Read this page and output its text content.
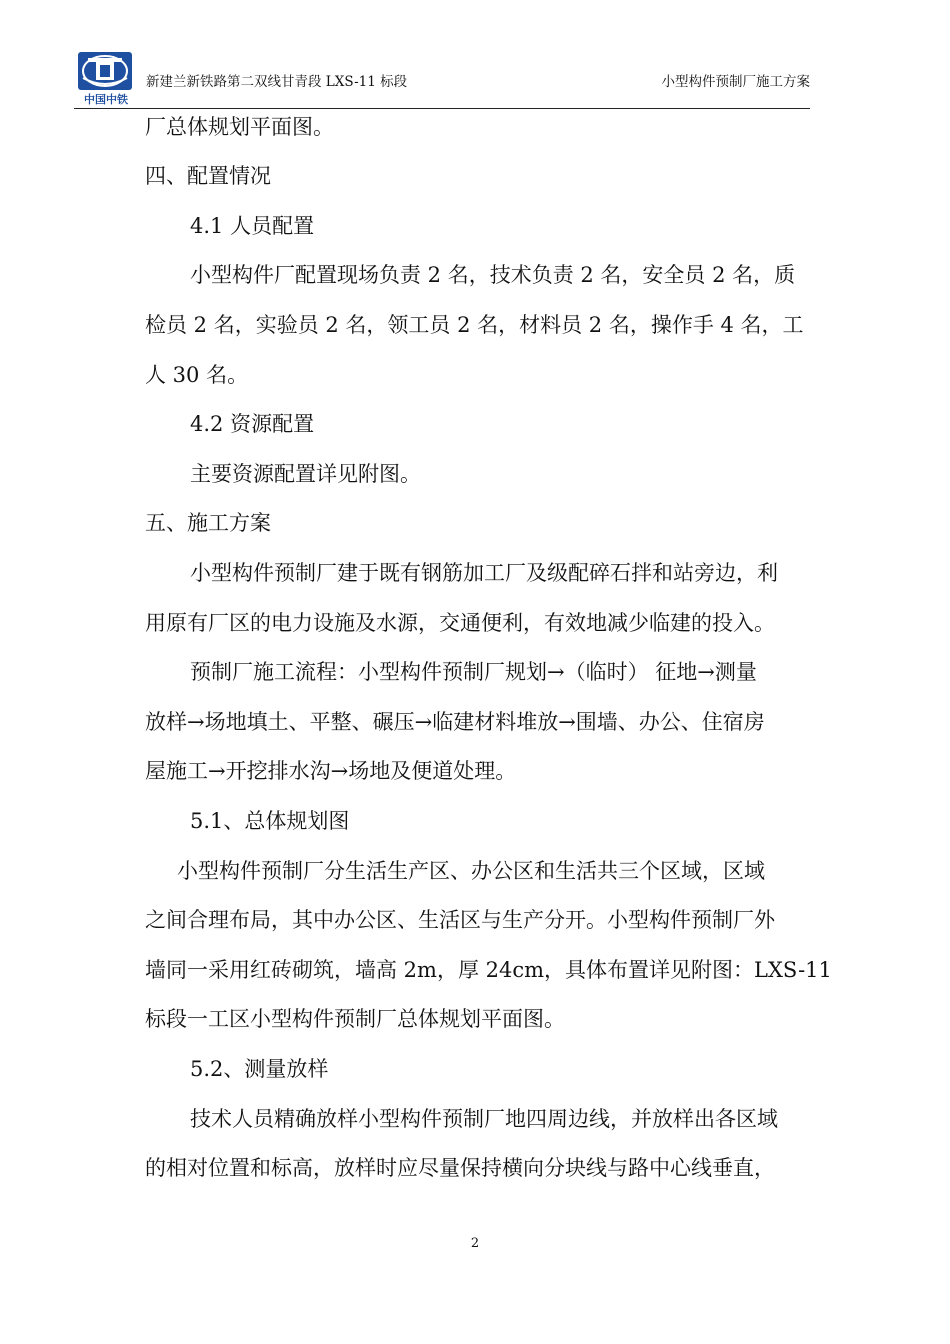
中国中铁
新建兰新铁路第二双线甘青段 LXS-11 标段	小型构件预制厂施工方案
厂总体规划平面图。
四、配置情况
4.1 人员配置
小型构件厂配置现场负责 2 名，技术负责 2 名，安全员 2 名，质
检员 2 名，实验员 2 名，领工员 2 名，材料员 2 名，操作手 4 名，工
人 30 名。
4.2 资源配置
主要资源配置详见附图。
五、施工方案
小型构件预制厂建于既有钢筋加工厂及级配碎石拌和站旁边，利
用原有厂区的电力设施及水源，交通便利，有效地减少临建的投入。
预制厂施工流程：小型构件预制厂规划→（临时） 征地→测量
放样→场地填土、平整、碾压→临建材料堆放→围墙、办公、住宿房
屋施工→开挖排水沟→场地及便道处理。
5.1、总体规划图
小型构件预制厂分生活生产区、办公区和生活共三个区域，区域
之间合理布局，其中办公区、生活区与生产分开。小型构件预制厂外
墙同一采用红砖砌筑，墙高 2m，厚 24cm，具体布置详见附图：LXS-11
标段一工区小型构件预制厂总体规划平面图。
5.2、测量放样
技术人员精确放样小型构件预制厂地四周边线，并放样出各区域
的相对位置和标高，放样时应尽量保持横向分块线与路中心线垂直，
2
